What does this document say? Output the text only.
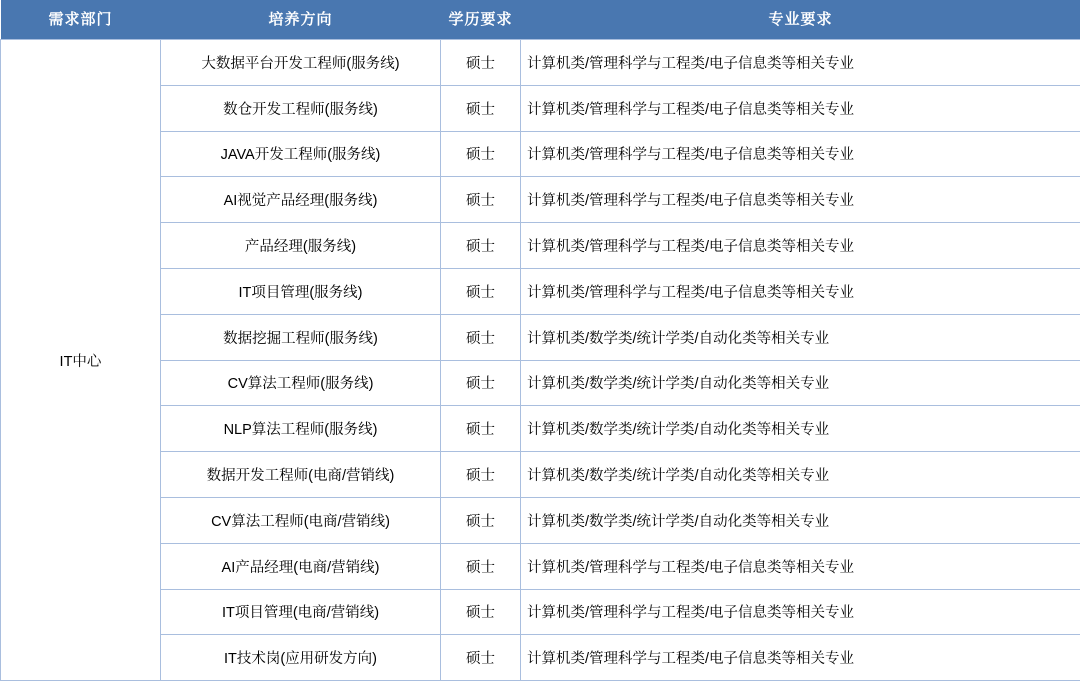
需求部门	培养方向	学历要求	专业要求
IT中心	大数据平台开发工程师(服务线)	硕士	计算机类/管理科学与工程类/电子信息类等相关专业
	数仓开发工程师(服务线)	硕士	计算机类/管理科学与工程类/电子信息类等相关专业
	JAVA开发工程师(服务线)	硕士	计算机类/管理科学与工程类/电子信息类等相关专业
	AI视觉产品经理(服务线)	硕士	计算机类/管理科学与工程类/电子信息类等相关专业
	产品经理(服务线)	硕士	计算机类/管理科学与工程类/电子信息类等相关专业
	IT项目管理(服务线)	硕士	计算机类/管理科学与工程类/电子信息类等相关专业
	数据挖掘工程师(服务线)	硕士	计算机类/数学类/统计学类/自动化类等相关专业
	CV算法工程师(服务线)	硕士	计算机类/数学类/统计学类/自动化类等相关专业
	NLP算法工程师(服务线)	硕士	计算机类/数学类/统计学类/自动化类等相关专业
	数据开发工程师(电商/营销线)	硕士	计算机类/数学类/统计学类/自动化类等相关专业
	CV算法工程师(电商/营销线)	硕士	计算机类/数学类/统计学类/自动化类等相关专业
	AI产品经理(电商/营销线)	硕士	计算机类/管理科学与工程类/电子信息类等相关专业
	IT项目管理(电商/营销线)	硕士	计算机类/管理科学与工程类/电子信息类等相关专业
	IT技术岗(应用研发方向)	硕士	计算机类/管理科学与工程类/电子信息类等相关专业
